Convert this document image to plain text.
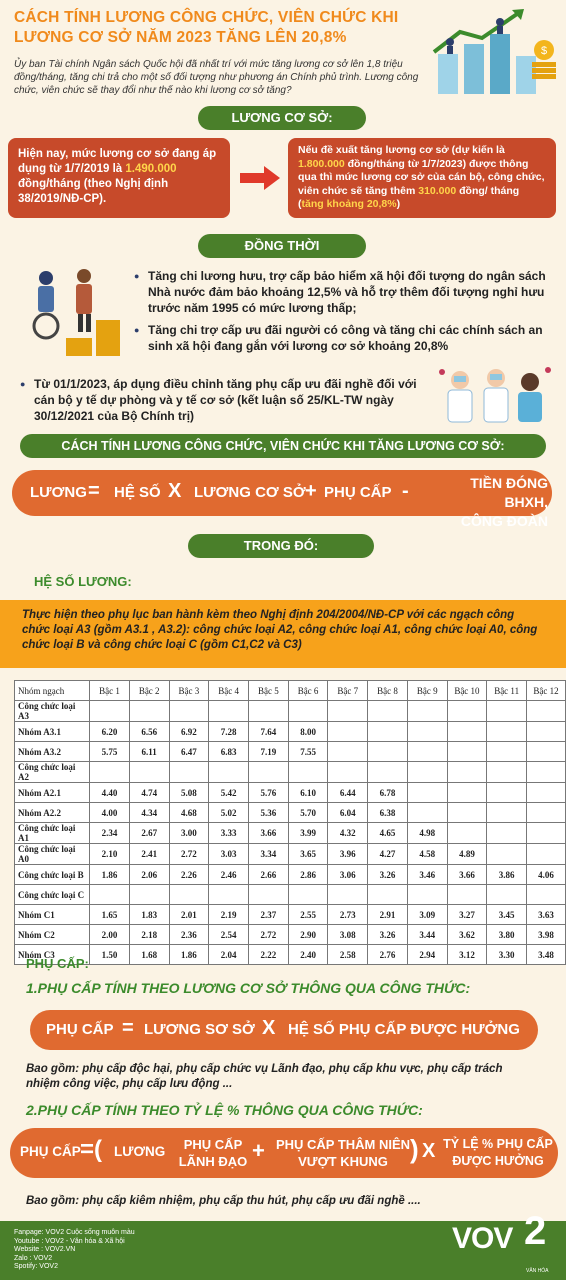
CÁCH TÍNH LƯƠNG CÔNG CHỨC, VIÊN CHỨC KHI LƯƠNG CƠ SỞ NĂM 2023 TĂNG LÊN 20,8%
Ủy ban Tài chính Ngân sách Quốc hội đã nhất trí với mức tăng lương cơ sở lên 1,8 triệu đồng/tháng, tăng chi trả cho một số đối tượng như phương án Chính phủ trình. Lương công chức, viên chức sẽ thay đổi như thế nào khi lương cơ sở tăng?
$
LƯƠNG CƠ SỞ:
Hiện nay, mức lương cơ sở đang áp dụng từ 1/7/2019 là 1.490.000 đồng/tháng (theo Nghị định 38/2019/NĐ-CP).
Nếu đề xuất tăng lương cơ sở (dự kiến là 1.800.000 đồng/tháng từ 1/7/2023) được thông qua thì mức lương cơ sở của cán bộ, công chức, viên chức sẽ tăng thêm 310.000 đồng/ tháng (tăng khoảng 20,8%)
ĐỒNG THỜI
● Tăng chi lương hưu, trợ cấp bảo hiểm xã hội đối tượng do ngân sách Nhà nước đảm bảo khoảng 12,5% và hỗ trợ thêm đối tượng nghỉ hưu trước năm 1995 có mức lương thấp;
● Tăng chi trợ cấp ưu đãi người có công và tăng chi các chính sách an sinh xã hội đang gắn với lương cơ sở khoảng 20,8%
● Từ 01/1/2023, áp dụng điều chỉnh tăng phụ cấp ưu đãi nghề đối với cán bộ y tế dự phòng và y tế cơ sở (kết luận số 25/KL-TW ngày 30/12/2021 của Bộ Chính trị)
CÁCH TÍNH LƯƠNG CÔNG CHỨC, VIÊN CHỨC KHI TĂNG LƯƠNG CƠ SỞ:
LƯƠNG = HỆ SỐ X LƯƠNG CƠ SỞ + PHỤ CẤP -	TIỀN ĐÓNG BHXH,
CÔNG ĐOÀN
TRONG ĐÓ:
HỆ SỐ LƯƠNG:
Thực hiện theo phụ lục ban hành kèm theo Nghị định 204/2004/NĐ-CP với các ngạch công chức loại A3 (gồm A3.1 , A3.2): công chức loại A2, công chức loại A1, công chức loại A0, công chức loại B và công chức loại C (gồm C1,C2 và C3)
Nhóm ngạch	Bậc 1	Bậc 2	Bậc 3	Bậc 4	Bậc 5	Bậc 6	Bậc 7	Bậc 8	Bậc 9	Bậc 10	Bậc 11	Bậc 12
Công chức loại A3												
Nhóm A3.1	6.20	6.56	6.92	7.28	7.64	8.00						
Nhóm A3.2	5.75	6.11	6.47	6.83	7.19	7.55						
Công chức loại A2												
Nhóm A2.1	4.40	4.74	5.08	5.42	5.76	6.10	6.44	6.78				
Nhóm A2.2	4.00	4.34	4.68	5.02	5.36	5.70	6.04	6.38				
Công chức loại A1	2.34	2.67	3.00	3.33	3.66	3.99	4.32	4.65	4.98			
Công chức loại A0	2.10	2.41	2.72	3.03	3.34	3.65	3.96	4.27	4.58	4.89		
Công chức loại B	1.86	2.06	2.26	2.46	2.66	2.86	3.06	3.26	3.46	3.66	3.86	4.06
Công chức loại C												
Nhóm C1	1.65	1.83	2.01	2.19	2.37	2.55	2.73	2.91	3.09	3.27	3.45	3.63
Nhóm C2	2.00	2.18	2.36	2.54	2.72	2.90	3.08	3.26	3.44	3.62	3.80	3.98
Nhóm C3	1.50	1.68	1.86	2.04	2.22	2.40	2.58	2.76	2.94	3.12	3.30	3.48
PHỤ CẤP:
1.PHỤ CẤP TÍNH THEO LƯƠNG CƠ SỞ THÔNG QUA CÔNG THỨC:
PHỤ CẤP = LƯƠNG SƠ SỞ X HỆ SỐ PHỤ CẤP ĐƯỢC HƯỞNG
Bao gồm: phụ cấp độc hại, phụ cấp chức vụ Lãnh đạo, phụ cấp khu vực, phụ cấp trách nhiệm công việc, phụ cấp lưu động ...
2.PHỤ CẤP TÍNH THEO TỶ LỆ % THÔNG QUA CÔNG THỨC:
PHỤ CẤP =( LƯƠNG	PHỤ CẤP
LÃNH ĐẠO + PHỤ CẤP THÂM NIÊN
VƯỢT KHUNG ) X TỶ LỆ % PHỤ CẤP
ĐƯỢC HƯỞNG
Bao gồm: phụ cấp kiêm nhiệm, phụ cấp thu hút, phụ cấp ưu đãi nghề ....
Fanpage: VOV2 Cuộc sống muôn màu
Youtube : VOV2 - Văn hóa & Xã hội
Website : VOV2.VN
Zalo : VOV2
Spotify: VOV2
VOV 2
VĂN HÓA
